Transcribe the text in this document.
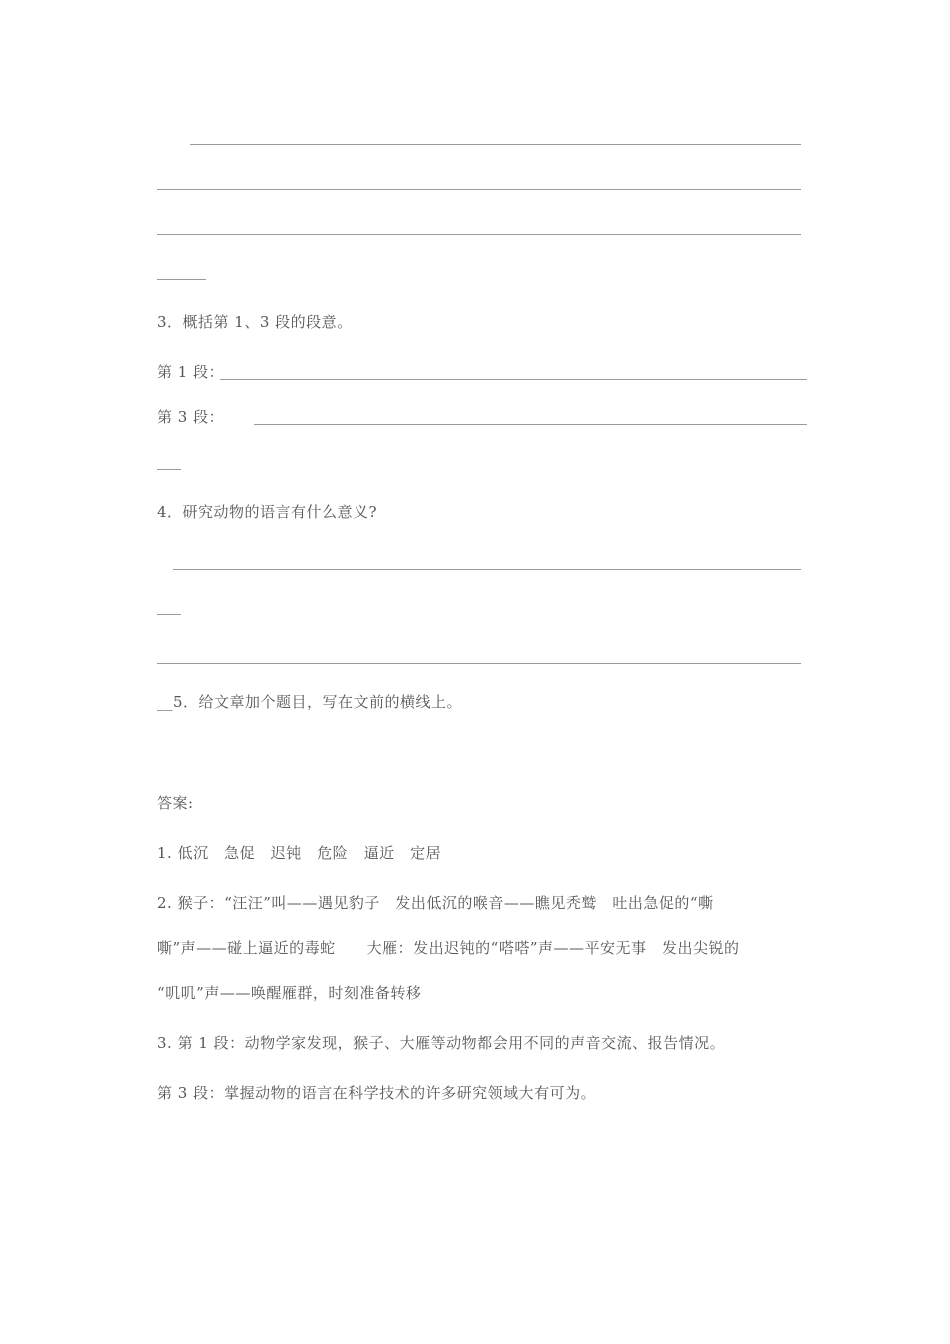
3．概括第 1、3 段的段意。
第 1 段：
第 3 段：
4．研究动物的语言有什么意义?
__5．给文章加个题目，写在文前的横线上。
答案:
1. 低沉　急促　迟钝　危险　逼近　定居
2. 猴子：“汪汪”叫——遇见豹子　发出低沉的喉音——瞧见秃鹫　吐出急促的“嘶
嘶”声——碰上逼近的毒蛇　　大雁：发出迟钝的“嗒嗒”声——平安无事　发出尖锐的
“叽叽”声——唤醒雁群，时刻准备转移
3. 第 1 段：动物学家发现，猴子、大雁等动物都会用不同的声音交流、报告情况。
第 3 段：掌握动物的语言在科学技术的许多研究领域大有可为。
